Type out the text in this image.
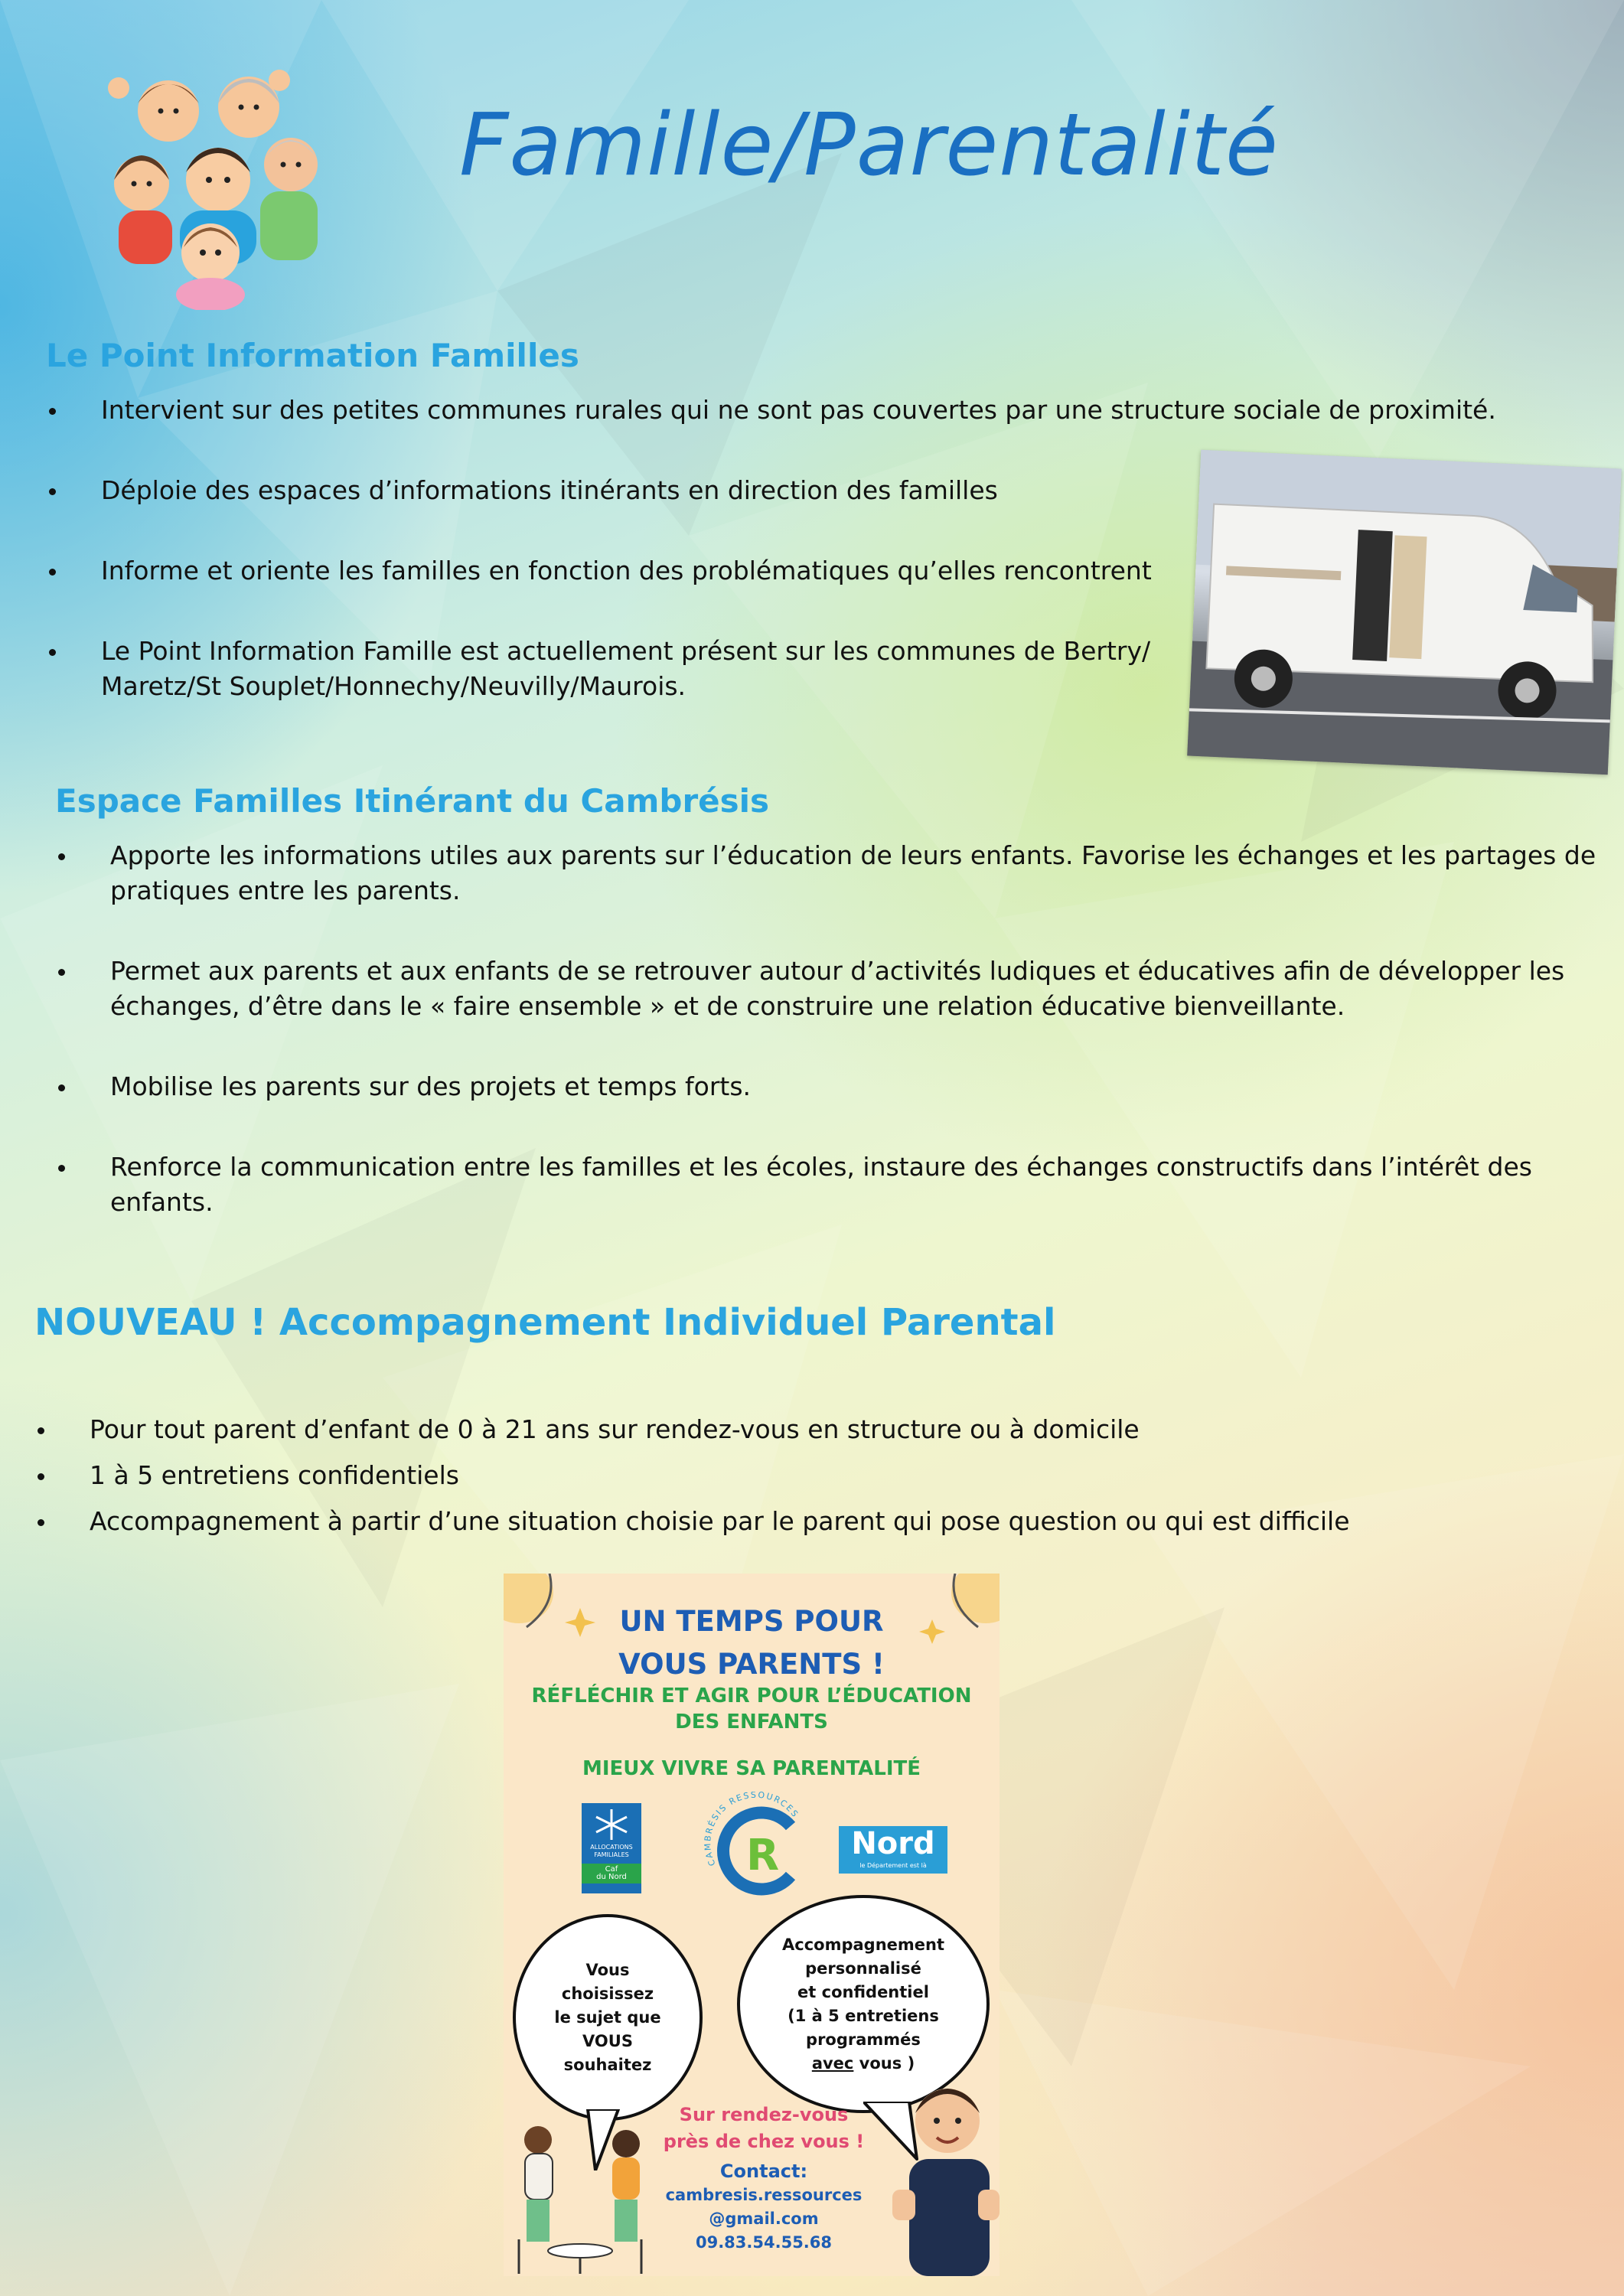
Famille/Parentalité
Le Point Information Familles
Intervient sur des petites communes rurales qui ne sont pas couvertes par une structure sociale de proximité.
Déploie des espaces d’informations itinérants en direction des familles
Informe et oriente les familles en fonction des problématiques qu’elles rencontrent
Le Point Information Famille est actuellement présent sur les communes de Bertry/
Maretz/St Souplet/Honnechy/Neuvilly/Maurois.
Espace Familles Itinérant du Cambrésis
Apporte les informations utiles aux parents sur l’éducation de leurs enfants. Favorise les échanges et les partages de
pratiques entre les parents.
Permet aux parents et aux enfants de se retrouver autour d’activités ludiques et éducatives afin de développer les
échanges, d’être dans le « faire ensemble » et de construire une relation éducative bienveillante.
Mobilise les parents sur des projets et temps forts.
Renforce la communication entre les familles et les écoles, instaure des échanges constructifs dans l’intérêt des
enfants.
NOUVEAU ! Accompagnement Individuel Parental
Pour tout parent d’enfant de 0 à 21 ans sur rendez-vous en structure ou à domicile
1 à 5 entretiens confidentiels
Accompagnement à partir d’une situation choisie par le parent qui pose question ou qui est difficile
UN TEMPS POUR
VOUS PARENTS !
RÉFLÉCHIR ET AGIR POUR L’ÉDUCATION
DES ENFANTS
MIEUX VIVRE SA PARENTALITÉ
ALLOCATIONS
FAMILIALES
Caf
du Nord	R
CAMBRÉSIS RESSOURCES
Nord
le Département est là
Vous
choisissez
le sujet que
VOUS
souhaitez
Accompagnement
personnalisé
et confidentiel
(1 à 5 entretiens
programmés
avec vous )
Sur rendez-vous
près de chez vous !
Contact:
cambresis.ressources
@gmail.com
09.83.54.55.68
